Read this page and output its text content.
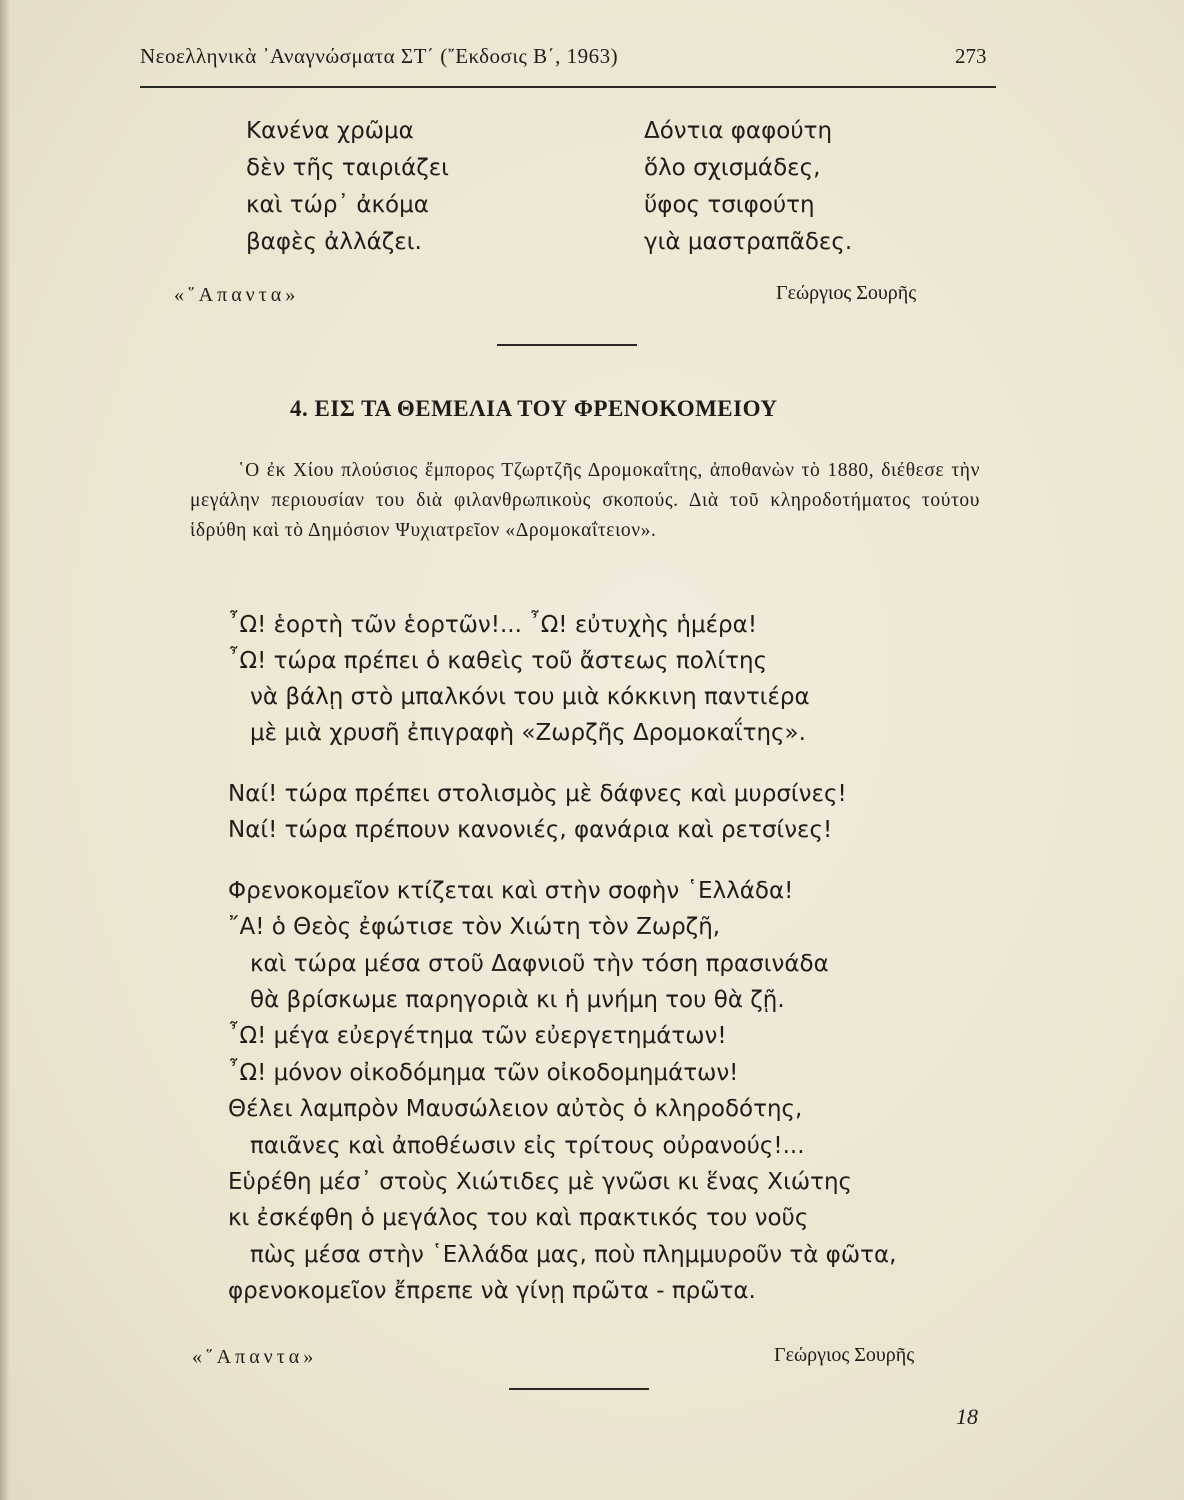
Νεοελληνικὰ ᾿Αναγνώσματα ΣΤ΄ (῎Εκδοσις Β΄, 1963)	273
Κανένα χρῶμα
δὲν τῆς ταιριάζει
καὶ τώρ᾿ ἀκόμα
βαφὲς ἀλλάζει.
Δόντια φαφούτη
ὅλο σχισμάδες,
ὕφος τσιφούτη
γιὰ μαστραπᾶδες.
«῞Απαντα»	Γεώργιος Σουρῆς
4. ΕΙΣ ΤΑ ΘΕΜΕΛΙΑ ΤΟΥ ΦΡΕΝΟΚΟΜΕΙΟΥ
῾Ο ἐκ Χίου πλούσιος ἔμπορος Τζωρτζῆς Δρομοκαΐτης, ἀποθανὼν τὸ 1880, διέθεσε τὴν μεγάλην περιουσίαν του διὰ φιλανθρωπικοὺς σκοπούς. Διὰ τοῦ κληροδοτήματος τούτου ἱδρύθη καὶ τὸ Δημόσιον Ψυχιατρεῖον «Δρομοκαΐτειον».
῏Ω! ἑορτὴ τῶν ἑορτῶν!... ῏Ω! εὐτυχὴς ἡμέρα!
῏Ω! τώρα πρέπει ὁ καθεὶς τοῦ ἄστεως πολίτης
νὰ βάλῃ στὸ μπαλκόνι του μιὰ κόκκινη παντιέρα
μὲ μιὰ χρυσῆ ἐπιγραφὴ «Ζωρζῆς Δρομοκαΐτης».
Ναί! τώρα πρέπει στολισμὸς μὲ δάφνες καὶ μυρσίνες!
Ναί! τώρα πρέπουν κανονιές, φανάρια καὶ ρετσίνες!
Φρενοκομεῖον κτίζεται καὶ στὴν σοφὴν ῾Ελλάδα!
῎Α! ὁ Θεὸς ἐφώτισε τὸν Χιώτη τὸν Ζωρζῆ,
καὶ τώρα μέσα στοῦ Δαφνιοῦ τὴν τόση πρασινάδα
θὰ βρίσκωμε παρηγοριὰ κι ἡ μνήμη του θὰ ζῇ.
῏Ω! μέγα εὐεργέτημα τῶν εὐεργετημάτων!
῏Ω! μόνον οἰκοδόμημα τῶν οἰκοδομημάτων!
Θέλει λαμπρὸν Μαυσώλειον αὐτὸς ὁ κληροδότης,
παιᾶνες καὶ ἀποθέωσιν εἰς τρίτους οὐρανούς!...
Εὑρέθη μέσ᾿ στοὺς Χιώτιδες μὲ γνῶσι κι ἕνας Χιώτης
κι ἐσκέφθη ὁ μεγάλος του καὶ πρακτικός του νοῦς
πὼς μέσα στὴν ῾Ελλάδα μας, ποὺ πλημμυροῦν τὰ φῶτα,
φρενοκομεῖον ἔπρεπε νὰ γίνῃ πρῶτα - πρῶτα.
«῞Απαντα»	Γεώργιος Σουρῆς
18
